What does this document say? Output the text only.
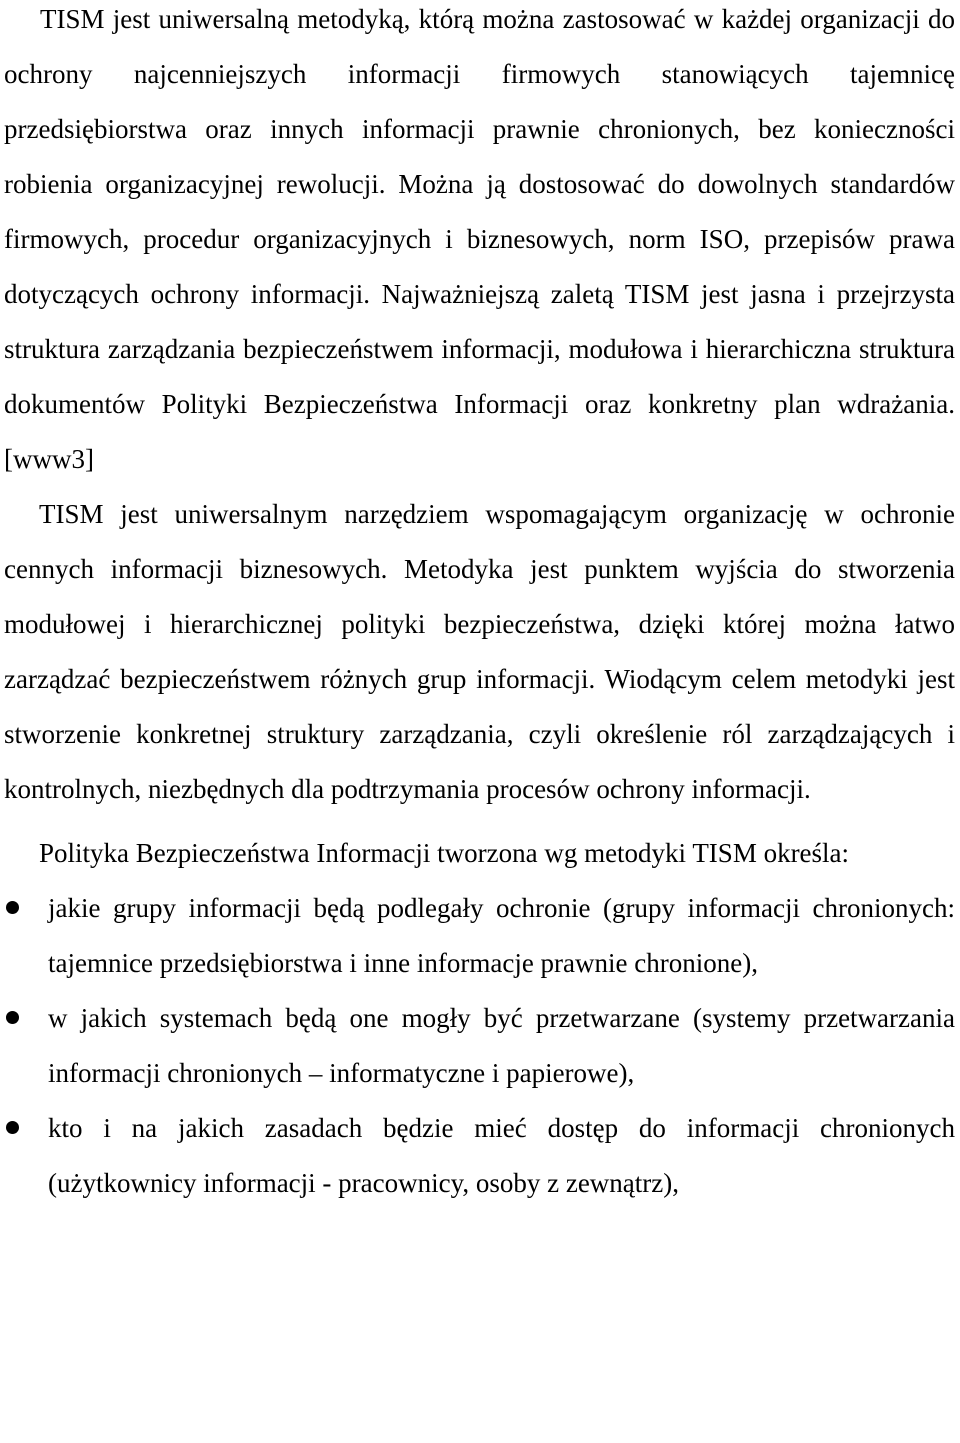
TISM jest uniwersalną metodyką, którą można zastosować w każdej organizacji do ochrony najcenniejszych informacji firmowych stanowiących tajemnicę przedsiębiorstwa oraz innych informacji prawnie chronionych, bez konieczności robienia organizacyjnej rewolucji. Można ją dostosować do dowolnych standardów firmowych, procedur organizacyjnych i biznesowych, norm ISO, przepisów prawa dotyczących ochrony informacji. Najważniejszą zaletą TISM jest jasna i przejrzysta struktura zarządzania bezpieczeństwem informacji, modułowa i hierarchiczna struktura dokumentów Polityki Bezpieczeństwa Informacji oraz konkretny plan wdrażania.[www3]

TISM jest uniwersalnym narzędziem wspomagającym organizację w ochronie cennych informacji biznesowych. Metodyka jest punktem wyjścia do stworzenia modułowej i hierarchicznej polityki bezpieczeństwa, dzięki której można łatwo zarządzać bezpieczeństwem różnych grup informacji. Wiodącym celem metodyki jest stworzenie konkretnej struktury zarządzania, czyli określenie ról zarządzających i kontrolnych, niezbędnych dla podtrzymania procesów ochrony informacji.

Polityka Bezpieczeństwa Informacji tworzona wg metodyki TISM określa:

jakie grupy informacji będą podlegały ochronie (grupy informacji chronionych: tajemnice przedsiębiorstwa i inne informacje prawnie chronione),
w jakich systemach będą one mogły być przetwarzane (systemy przetwarzania informacji chronionych – informatyczne i papierowe),
kto i na jakich zasadach będzie mieć dostęp do informacji chronionych (użytkownicy informacji - pracownicy, osoby z zewnątrz),
